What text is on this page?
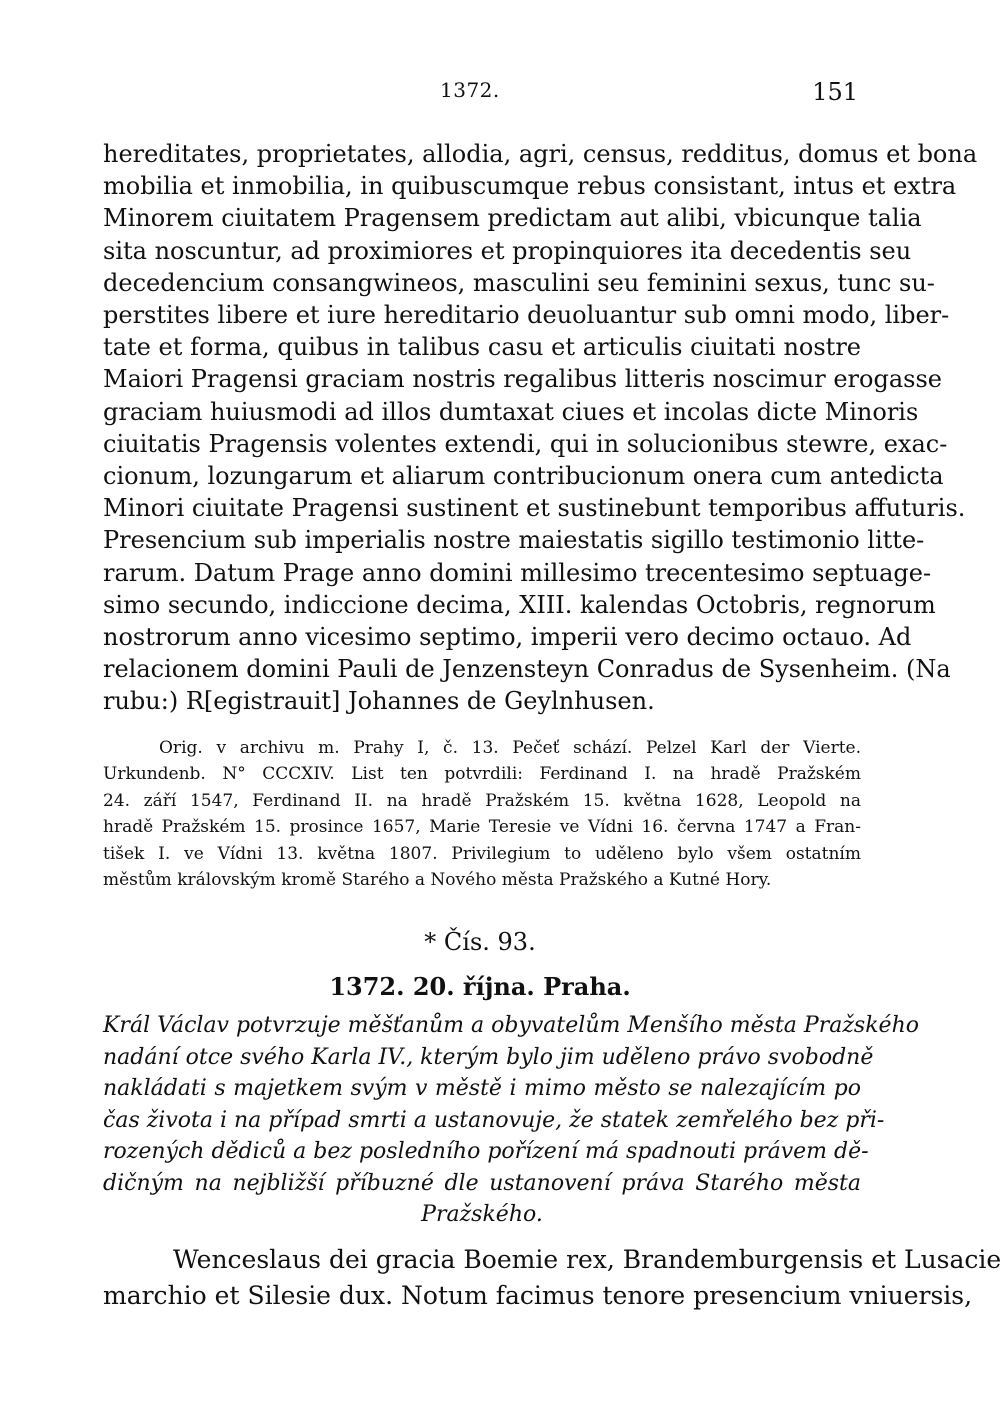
1372.	151
hereditates, proprietates, allodia, agri, census, redditus, domus et bona
mobilia et inmobilia, in quibuscumque rebus consistant, intus et extra
Minorem ciuitatem Pragensem predictam aut alibi, vbicunque talia
sita noscuntur, ad proximiores et propinquiores ita decedentis seu
decedencium consangwineos, masculini seu feminini sexus, tunc su-
perstites libere et iure hereditario deuoluantur sub omni modo, liber-
tate et forma, quibus in talibus casu et articulis ciuitati nostre
Maiori Pragensi graciam nostris regalibus litteris noscimur erogasse
graciam huiusmodi ad illos dumtaxat ciues et incolas dicte Minoris
ciuitatis Pragensis volentes extendi, qui in solucionibus stewre, exac-
cionum, lozungarum et aliarum contribucionum onera cum antedicta
Minori ciuitate Pragensi sustinent et sustinebunt temporibus affuturis.
Presencium sub imperialis nostre maiestatis sigillo testimonio litte-
rarum. Datum Prage anno domini millesimo trecentesimo septuage-
simo secundo, indiccione decima, XIII. kalendas Octobris, regnorum
nostrorum anno vicesimo septimo, imperii vero decimo octauo. Ad
relacionem domini Pauli de Jenzensteyn Conradus de Sysenheim. (Na
rubu:) R[egistrauit] Johannes de Geylnhusen.
Orig. v archivu m. Prahy I, č. 13. Pečeť schází. Pelzel Karl der Vierte.
Urkundenb. N° CCCXIV. List ten potvrdili: Ferdinand I. na hradě Pražském
24. září 1547, Ferdinand II. na hradě Pražském 15. května 1628, Leopold na
hradě Pražském 15. prosince 1657, Marie Teresie ve Vídni 16. června 1747 a Fran-
tišek I. ve Vídni 13. května 1807. Privilegium to uděleno bylo všem ostatním
městům královským kromě Starého a Nového města Pražského a Kutné Hory.
* Čís. 93.
1372. 20. října. Praha.
Král Václav potvrzuje měšťanům a obyvatelům Menšího města Pražského
nadání otce svého Karla IV., kterým bylo jim uděleno právo svobodně
nakládati s majetkem svým v městě i mimo město se nalezajícím po
čas života i na případ smrti a ustanovuje, že statek zemřelého bez při-
rozených dědiců a bez posledního pořízení má spadnouti právem dě-
dičným na nejbližší příbuzné dle ustanovení práva Starého města
Pražského.
Wenceslaus dei gracia Boemie rex, Brandemburgensis et Lusacie
marchio et Silesie dux. Notum facimus tenore presencium vniuersis,
